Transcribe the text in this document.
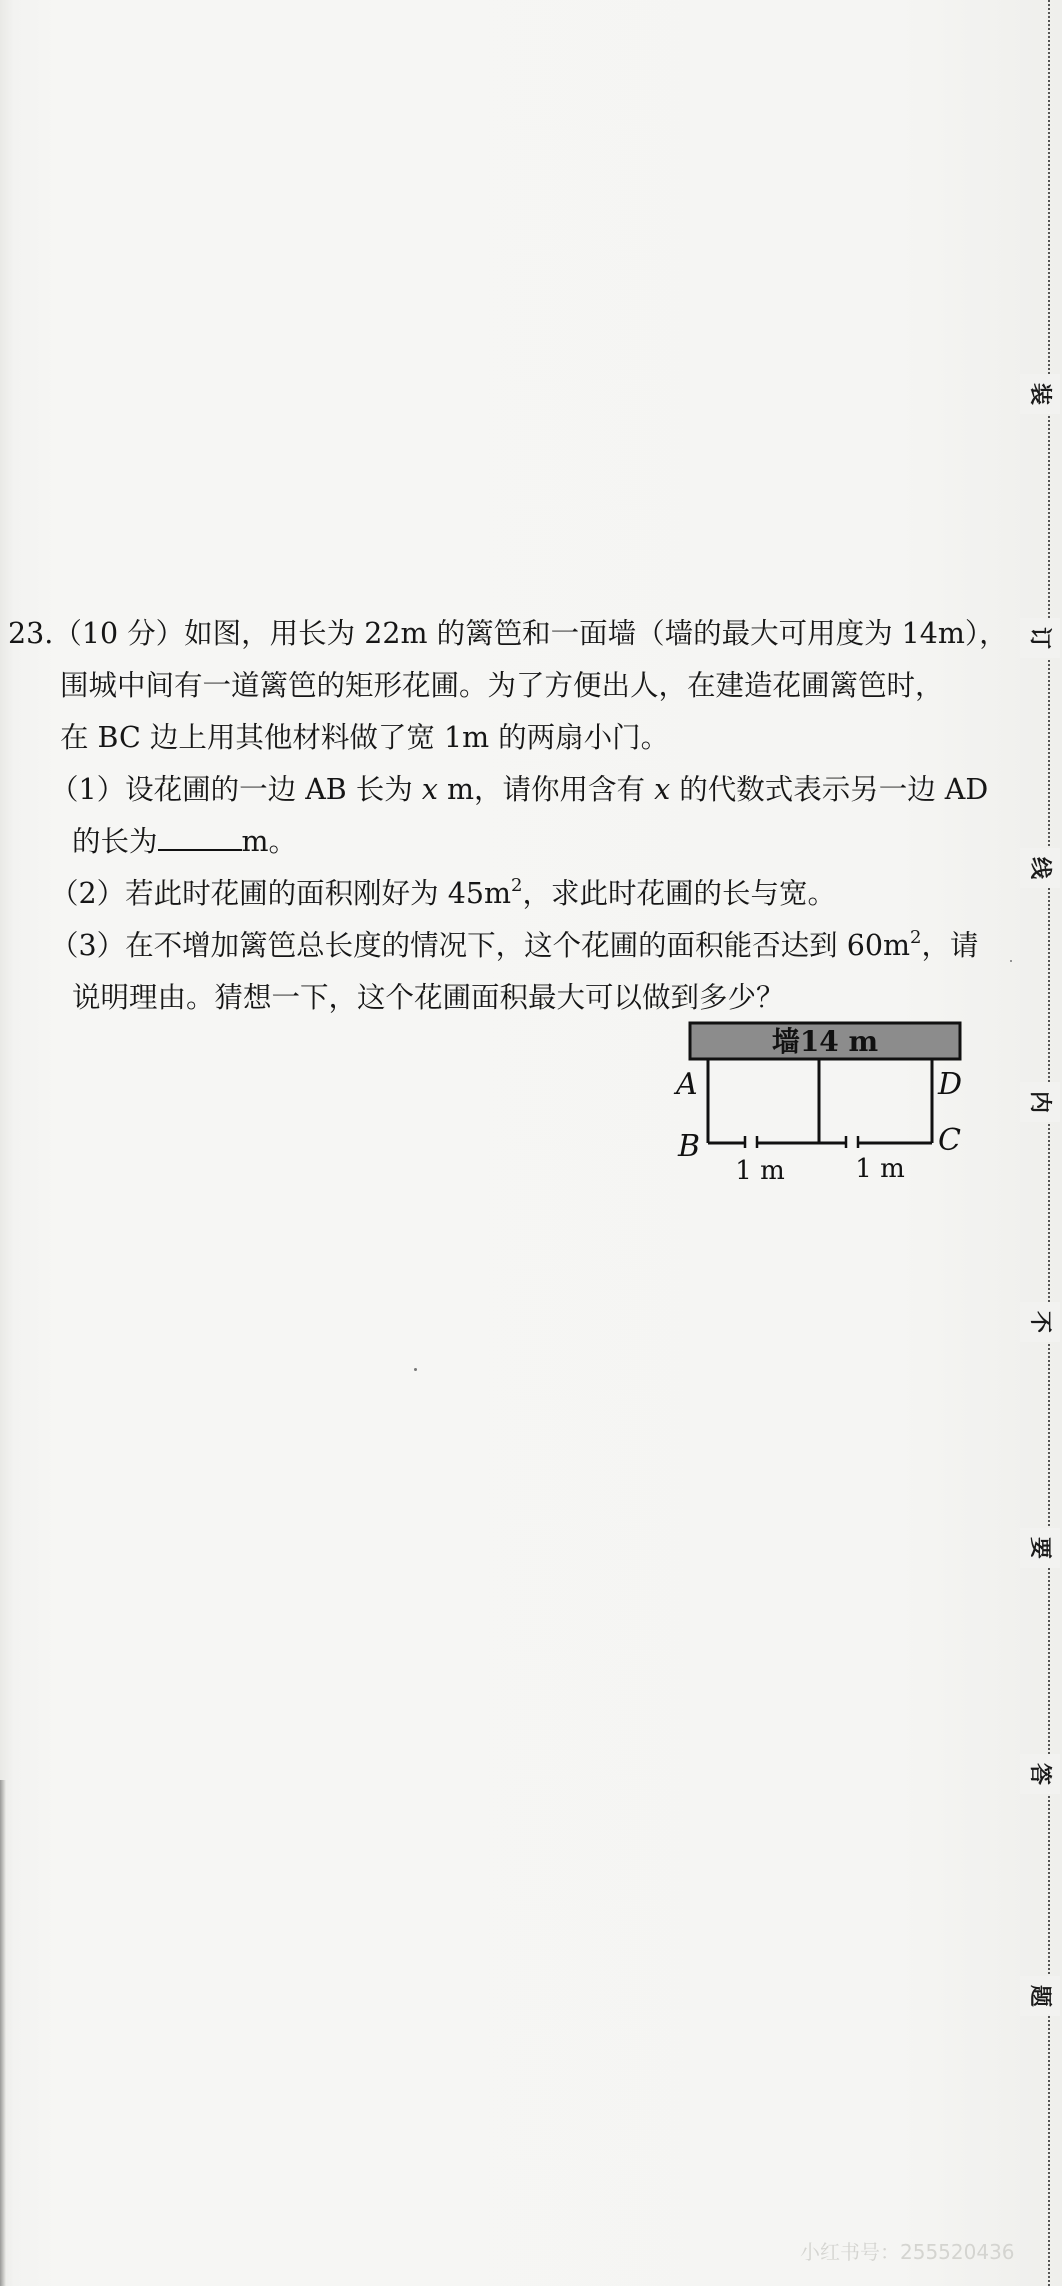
23.（10 分）如图，用长为 22m 的篱笆和一面墙（墙的最大可用度为 14m），
围城中间有一道篱笆的矩形花圃。为了方便出人，在建造花圃篱笆时，
在 BC 边上用其他材料做了宽 1m 的两扇小门。
（1）设花圃的一边 AB 长为 x m，请你用含有 x 的代数式表示另一边 AD
的长为	m。
（2）若此时花圃的面积刚好为 $45m^2$，求此时花圃的长与宽。
（3）在不增加篱笆总长度的情况下，这个花圃的面积能否达到 $60m^2$，请
说明理由。猜想一下，这个花圃面积最大可以做到多少？
墙14 m
A	D
B	C
1 m	1 m
装
订
线
内
不
要
答
题
小红书号：255520436
